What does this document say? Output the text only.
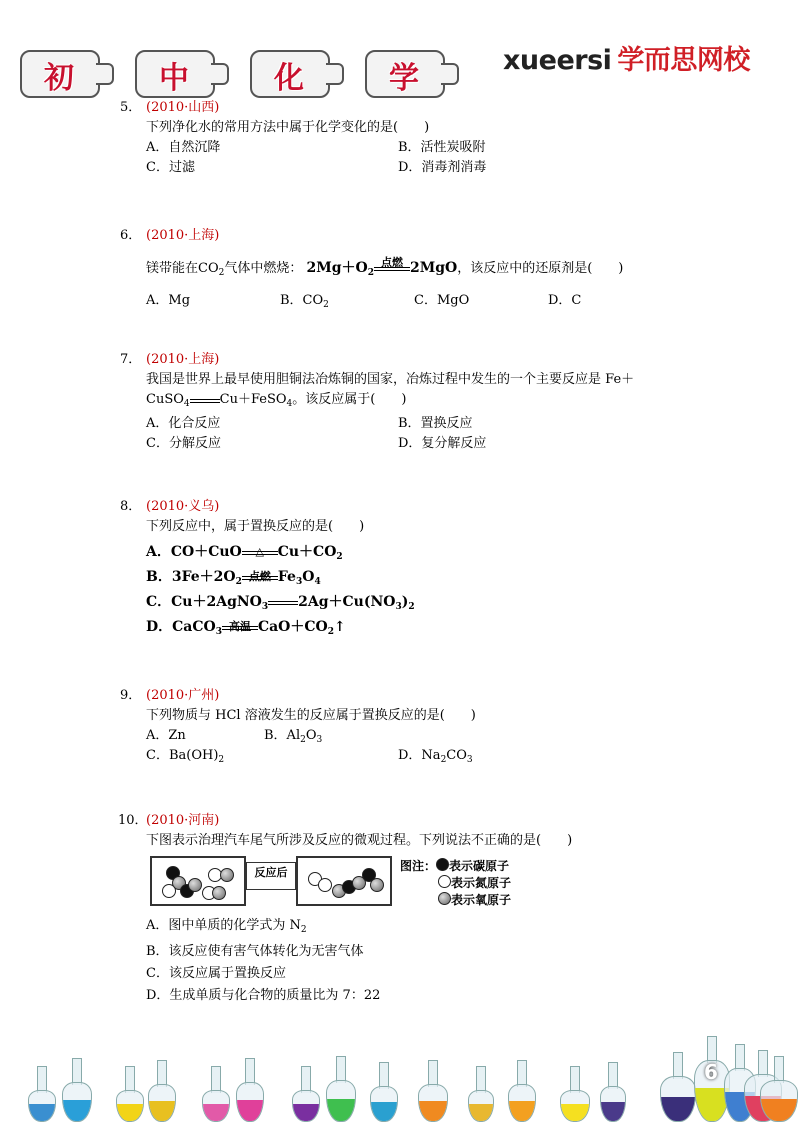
初	中	化	学
xueersi 学而思网校
5． (2010·山西)
下列净化水的常用方法中属于化学变化的是(　　)
A．自然沉降	B．活性炭吸附
C．过滤	D．消毒剂消毒
6． (2010·上海)
镁带能在$CO_2$气体中燃烧： $2Mg+O_2$
点燃 2MgO，该反应中的还原剂是(　　)
A．Mg	B．$CO_2$	C．MgO	D．C
7． (2010·上海)
我国是世界上最早使用胆铜法冶炼铜的国家，冶炼过程中发生的一个主要反应是 Fe＋
CuSO$_4$ Cu＋FeSO$_4$。该反应属于(　　)
A．化合反应	B．置换反应
C．分解反应	D．复分解反应
8． (2010·义乌)
下列反应中，属于置换反应的是(　　)
A．CO＋CuO	△ $Cu+CO_2$
B．$3Fe+2O_2$ 点燃 $Fe_3O_4$
C．Cu＋2AgNO$_3$ $2Ag+Cu(NO_3)_2$
D．CaCO$_3$ 高温 $CaO+CO_2↑$
9． (2010·广州)
下列物质与 HCl 溶液发生的反应属于置换反应的是(　　)
A．Zn	B．$Al_2O_3$
C．$Ba(OH)_2$	D．$Na_2CO_3$
10．
(2010·河南)
下图表示治理汽车尾气所涉及反应的微观过程。下列说法不正确的是(　　)
反应后	图注： 表示碳原子
表示氮原子
表示氧原子
A．图中单质的化学式为 $N_2$
B．该反应使有害气体转化为无害气体
C．该反应属于置换反应
D．生成单质与化合物的质量比为 7：22
6
